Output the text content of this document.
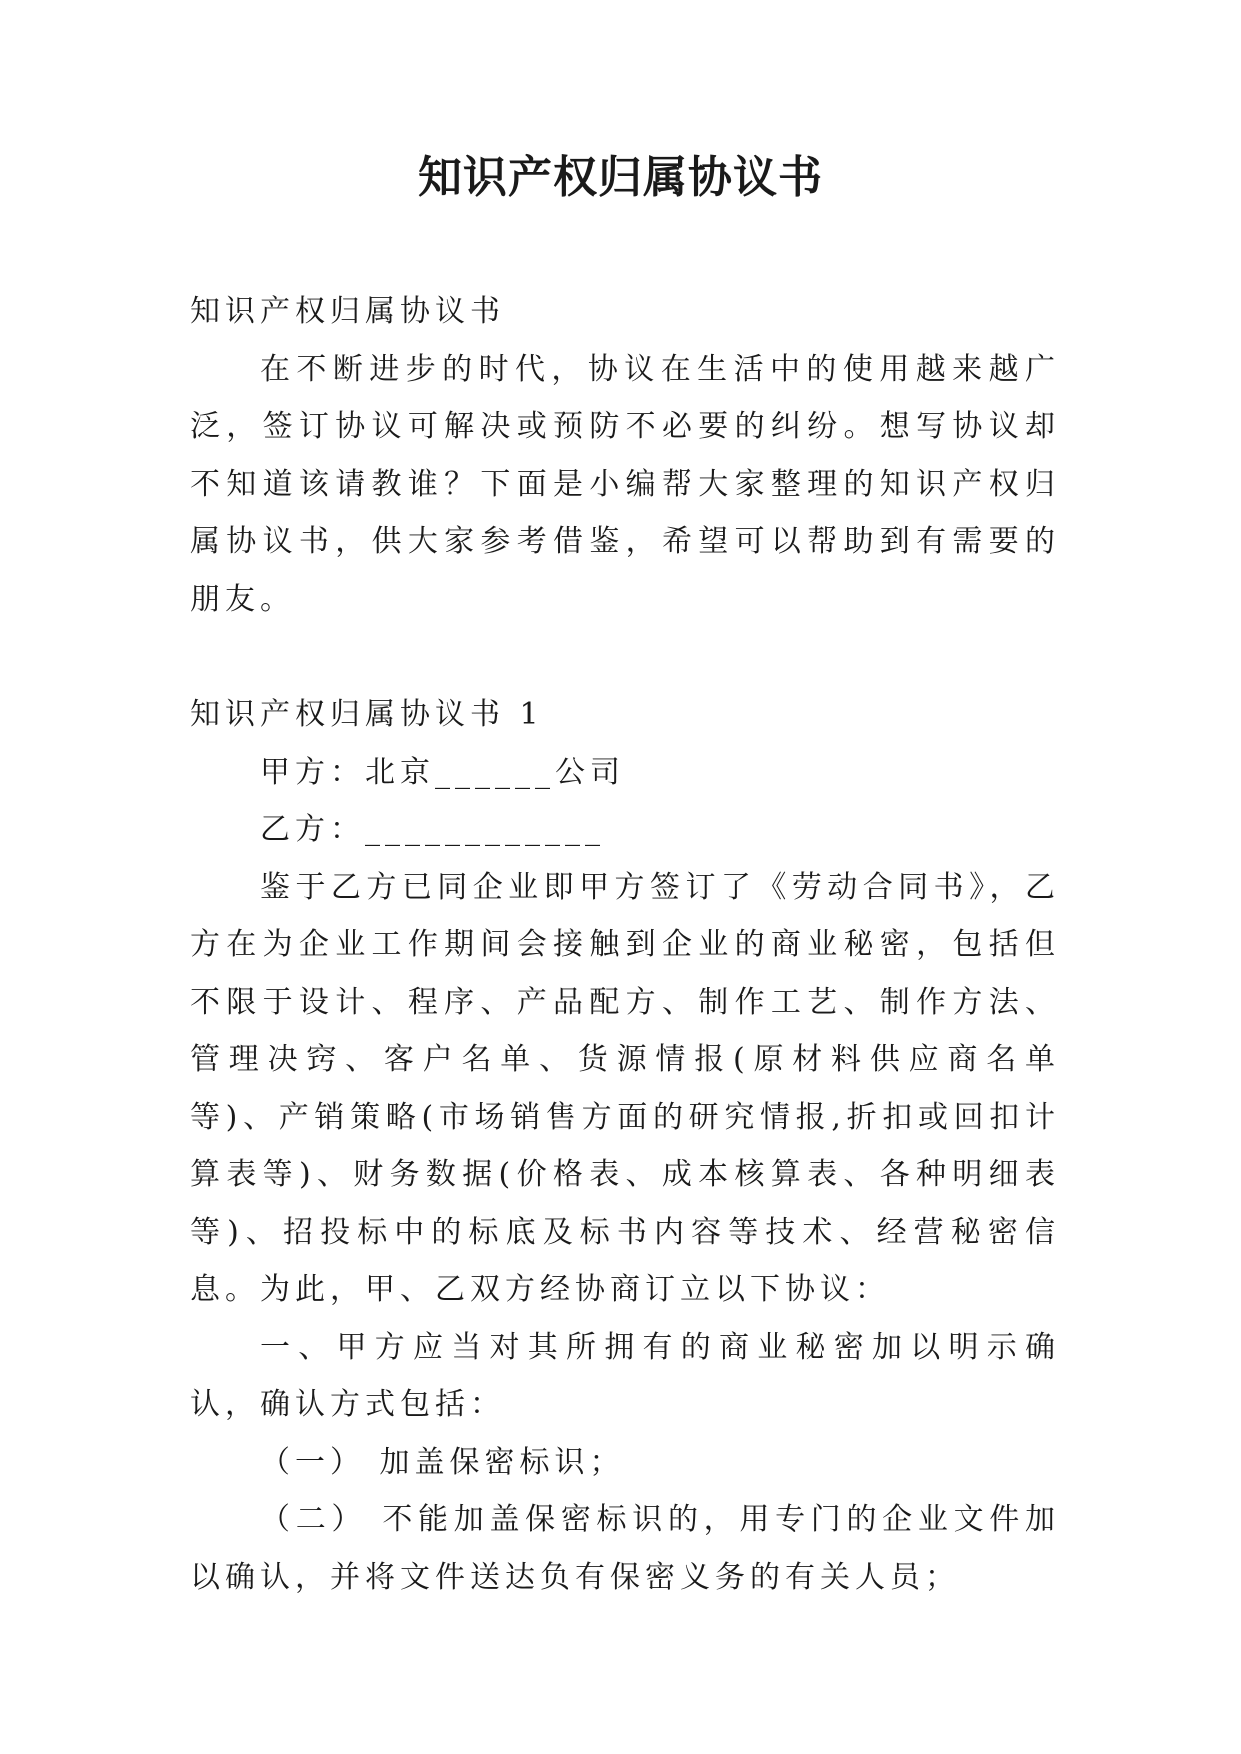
知识产权归属协议书

知识产权归属协议书

在不断进步的时代，协议在生活中的使用越来越广泛，签订协议可解决或预防不必要的纠纷。想写协议却不知道该请教谁？下面是小编帮大家整理的知识产权归属协议书，供大家参考借鉴，希望可以帮助到有需要的朋友。

知识产权归属协议书 1

甲方：北京______公司

乙方：____________

鉴于乙方已同企业即甲方签订了《劳动合同书》，乙方在为企业工作期间会接触到企业的商业秘密，包括但不限于设计、程序、产品配方、制作工艺、制作方法、管理决窍、客户名单、货源情报(原材料供应商名单等)、产销策略(市场销售方面的研究情报,折扣或回扣计算表等)、财务数据(价格表、成本核算表、各种明细表等)、招投标中的标底及标书内容等技术、经营秘密信息。为此，甲、乙双方经协商订立以下协议：

一、甲方应当对其所拥有的商业秘密加以明示确认，确认方式包括：

（一） 加盖保密标识；

（二） 不能加盖保密标识的，用专门的企业文件加以确认，并将文件送达负有保密义务的有关人员；
